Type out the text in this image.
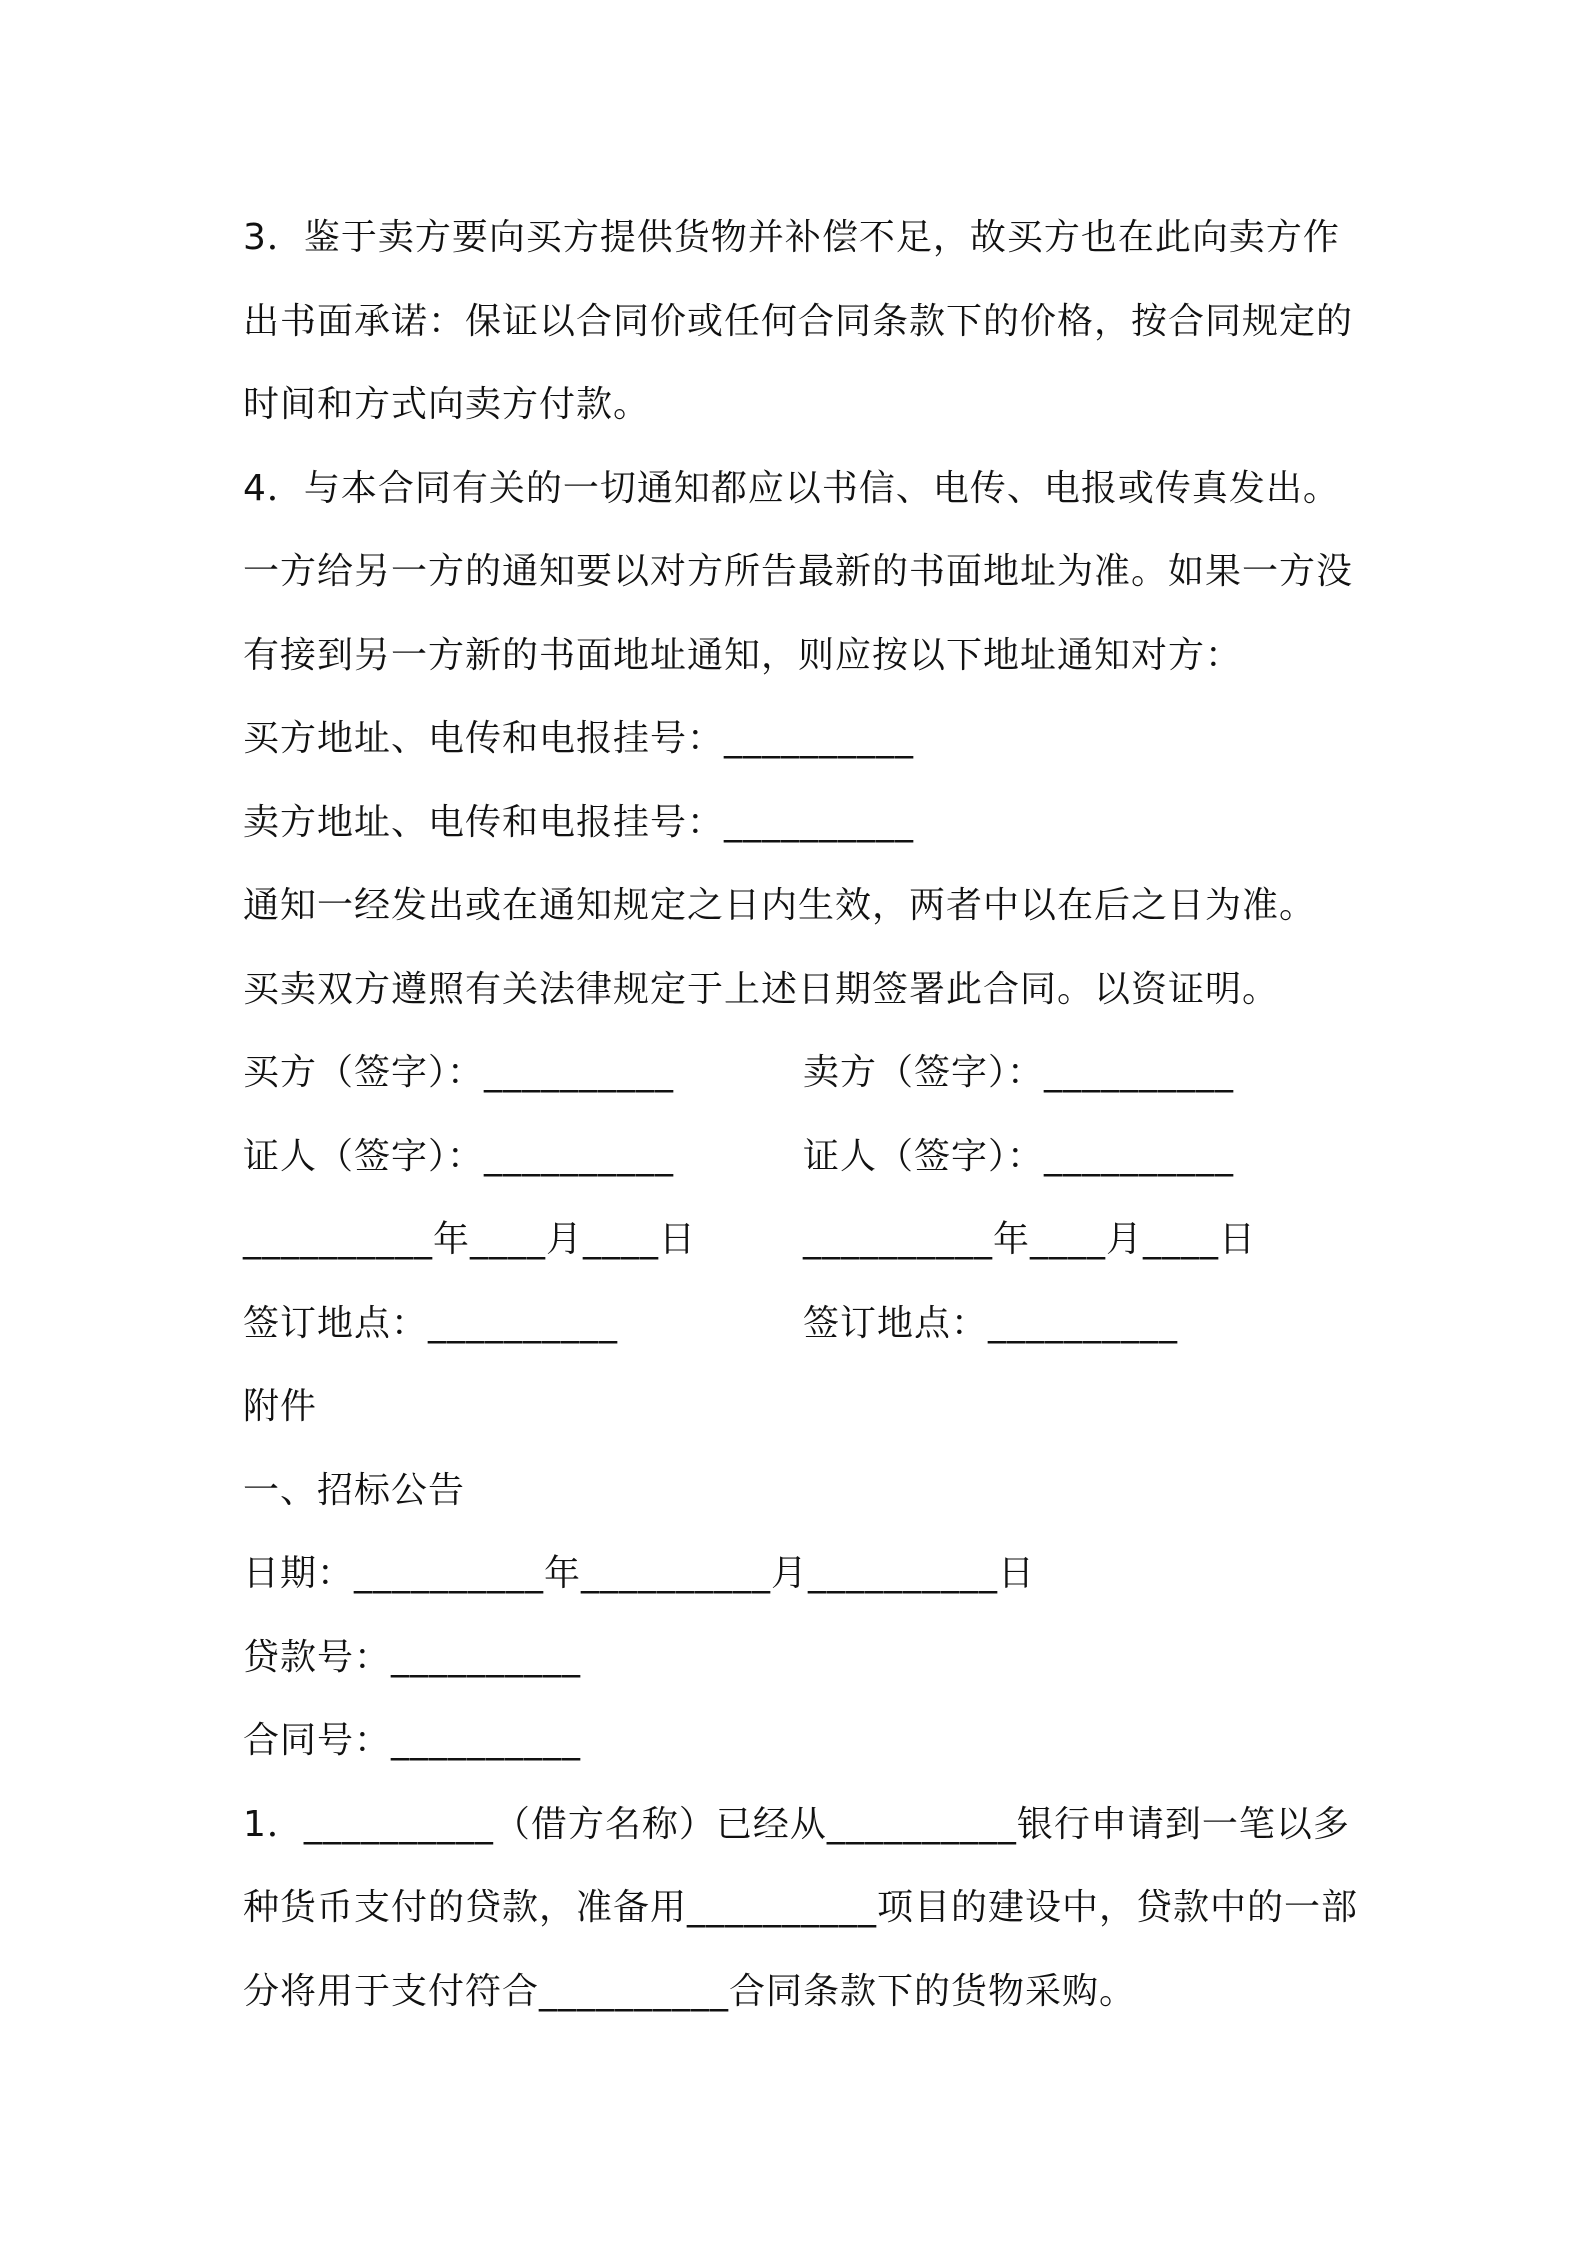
3．鉴于卖方要向买方提供货物并补偿不足，故买方也在此向卖方作
出书面承诺：保证以合同价或任何合同条款下的价格，按合同规定的
时间和方式向卖方付款。
4．与本合同有关的一切通知都应以书信、电传、电报或传真发出。
一方给另一方的通知要以对方所告最新的书面地址为准。如果一方没
有接到另一方新的书面地址通知，则应按以下地址通知对方：
买方地址、电传和电报挂号：__________
卖方地址、电传和电报挂号：__________
通知一经发出或在通知规定之日内生效，两者中以在后之日为准。
买卖双方遵照有关法律规定于上述日期签署此合同。以资证明。
买方（签字）：__________	卖方（签字）：__________
证人（签字）：__________	证人（签字）：__________
__________年____月____日	__________年____月____日
签订地点：__________	签订地点：__________
附件
一、招标公告
日期：__________年__________月__________日
贷款号：__________
合同号：__________
1．__________（借方名称）已经从__________银行申请到一笔以多
种货币支付的贷款，准备用__________项目的建设中，贷款中的一部
分将用于支付符合__________合同条款下的货物采购。
